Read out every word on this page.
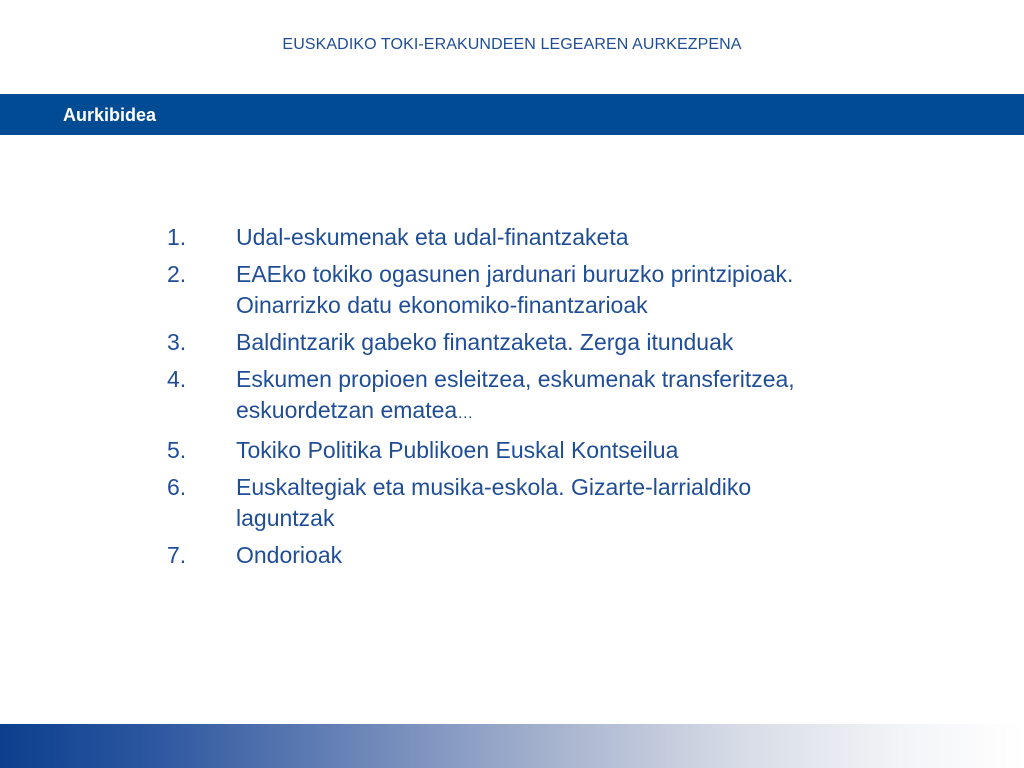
EUSKADIKO TOKI-ERAKUNDEEN LEGEAREN AURKEZPENA
Aurkibidea
1.	Udal-eskumenak eta udal-finantzaketa
2.	EAEko tokiko ogasunen jardunari buruzko printzipioak.
Oinarrizko datu ekonomiko-finantzarioak
3.	Baldintzarik gabeko finantzaketa. Zerga itunduak
4.	Eskumen propioen esleitzea, eskumenak transferitzea,
eskuordetzan ematea…
5.	Tokiko Politika Publikoen Euskal Kontseilua
6.	Euskaltegiak eta musika-eskola. Gizarte-larrialdiko
laguntzak
7.	Ondorioak
